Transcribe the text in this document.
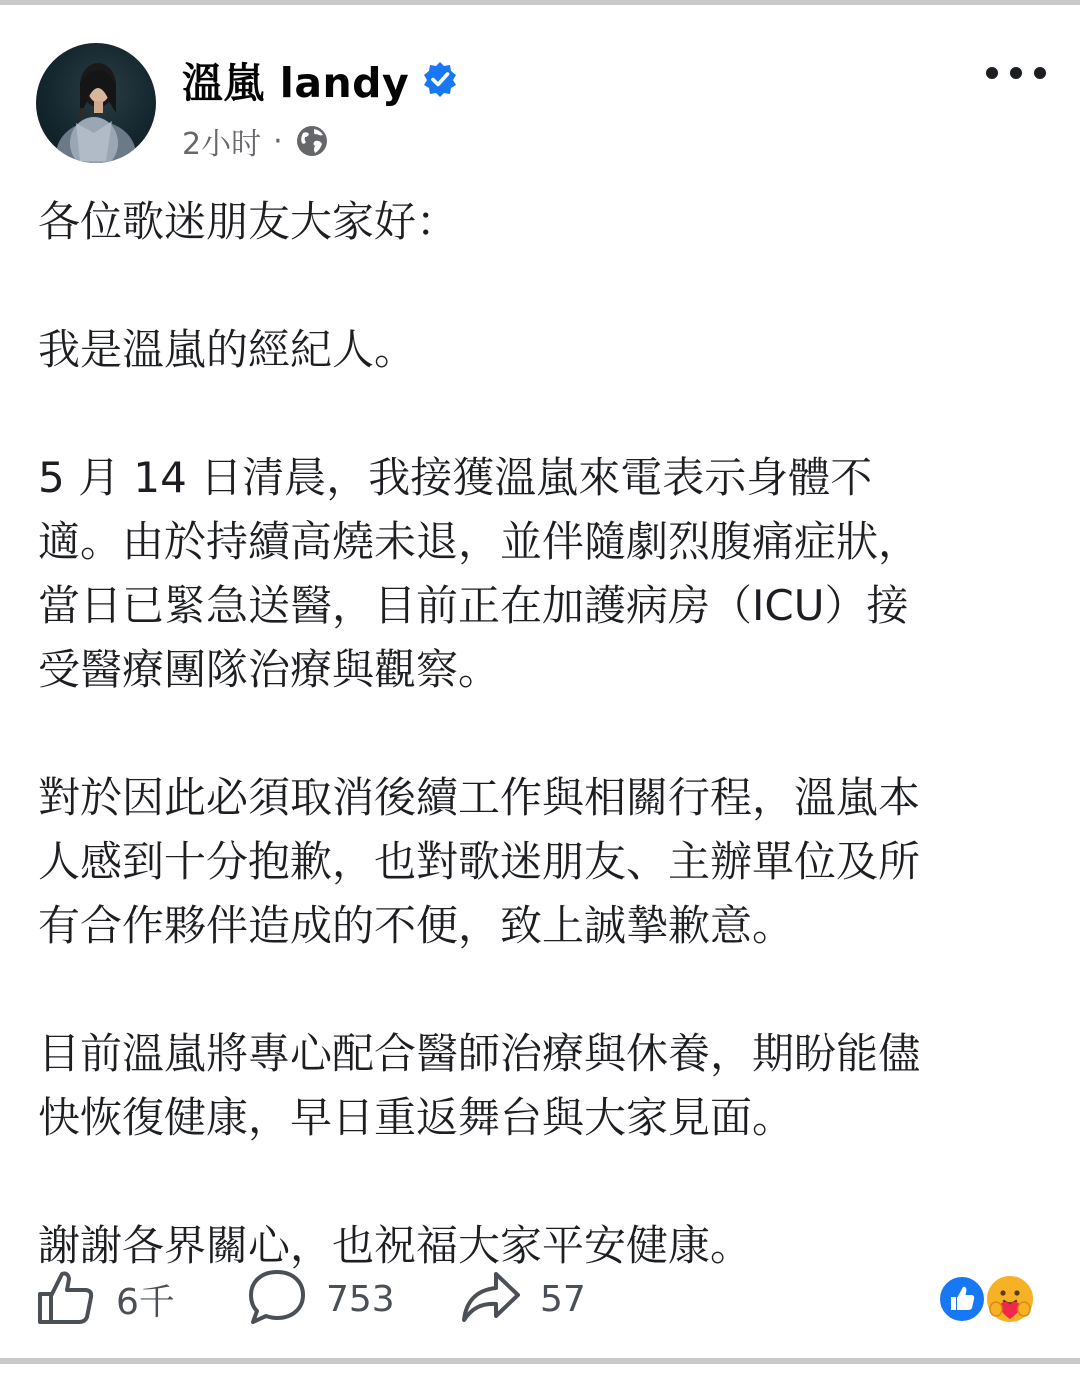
溫嵐 landy
2小时 ·

各位歌迷朋友大家好：

我是溫嵐的經紀人。

5 月 14 日清晨，我接獲溫嵐來電表示身體不
適。由於持續高燒未退，並伴隨劇烈腹痛症狀，
當日已緊急送醫，目前正在加護病房（ICU）接
受醫療團隊治療與觀察。

對於因此必須取消後續工作與相關行程，溫嵐本
人感到十分抱歉，也對歌迷朋友、主辦單位及所
有合作夥伴造成的不便，致上誠摯歉意。

目前溫嵐將專心配合醫師治療與休養，期盼能儘
快恢復健康，早日重返舞台與大家見面。

謝謝各界關心，也祝福大家平安健康。

6千	753	57
